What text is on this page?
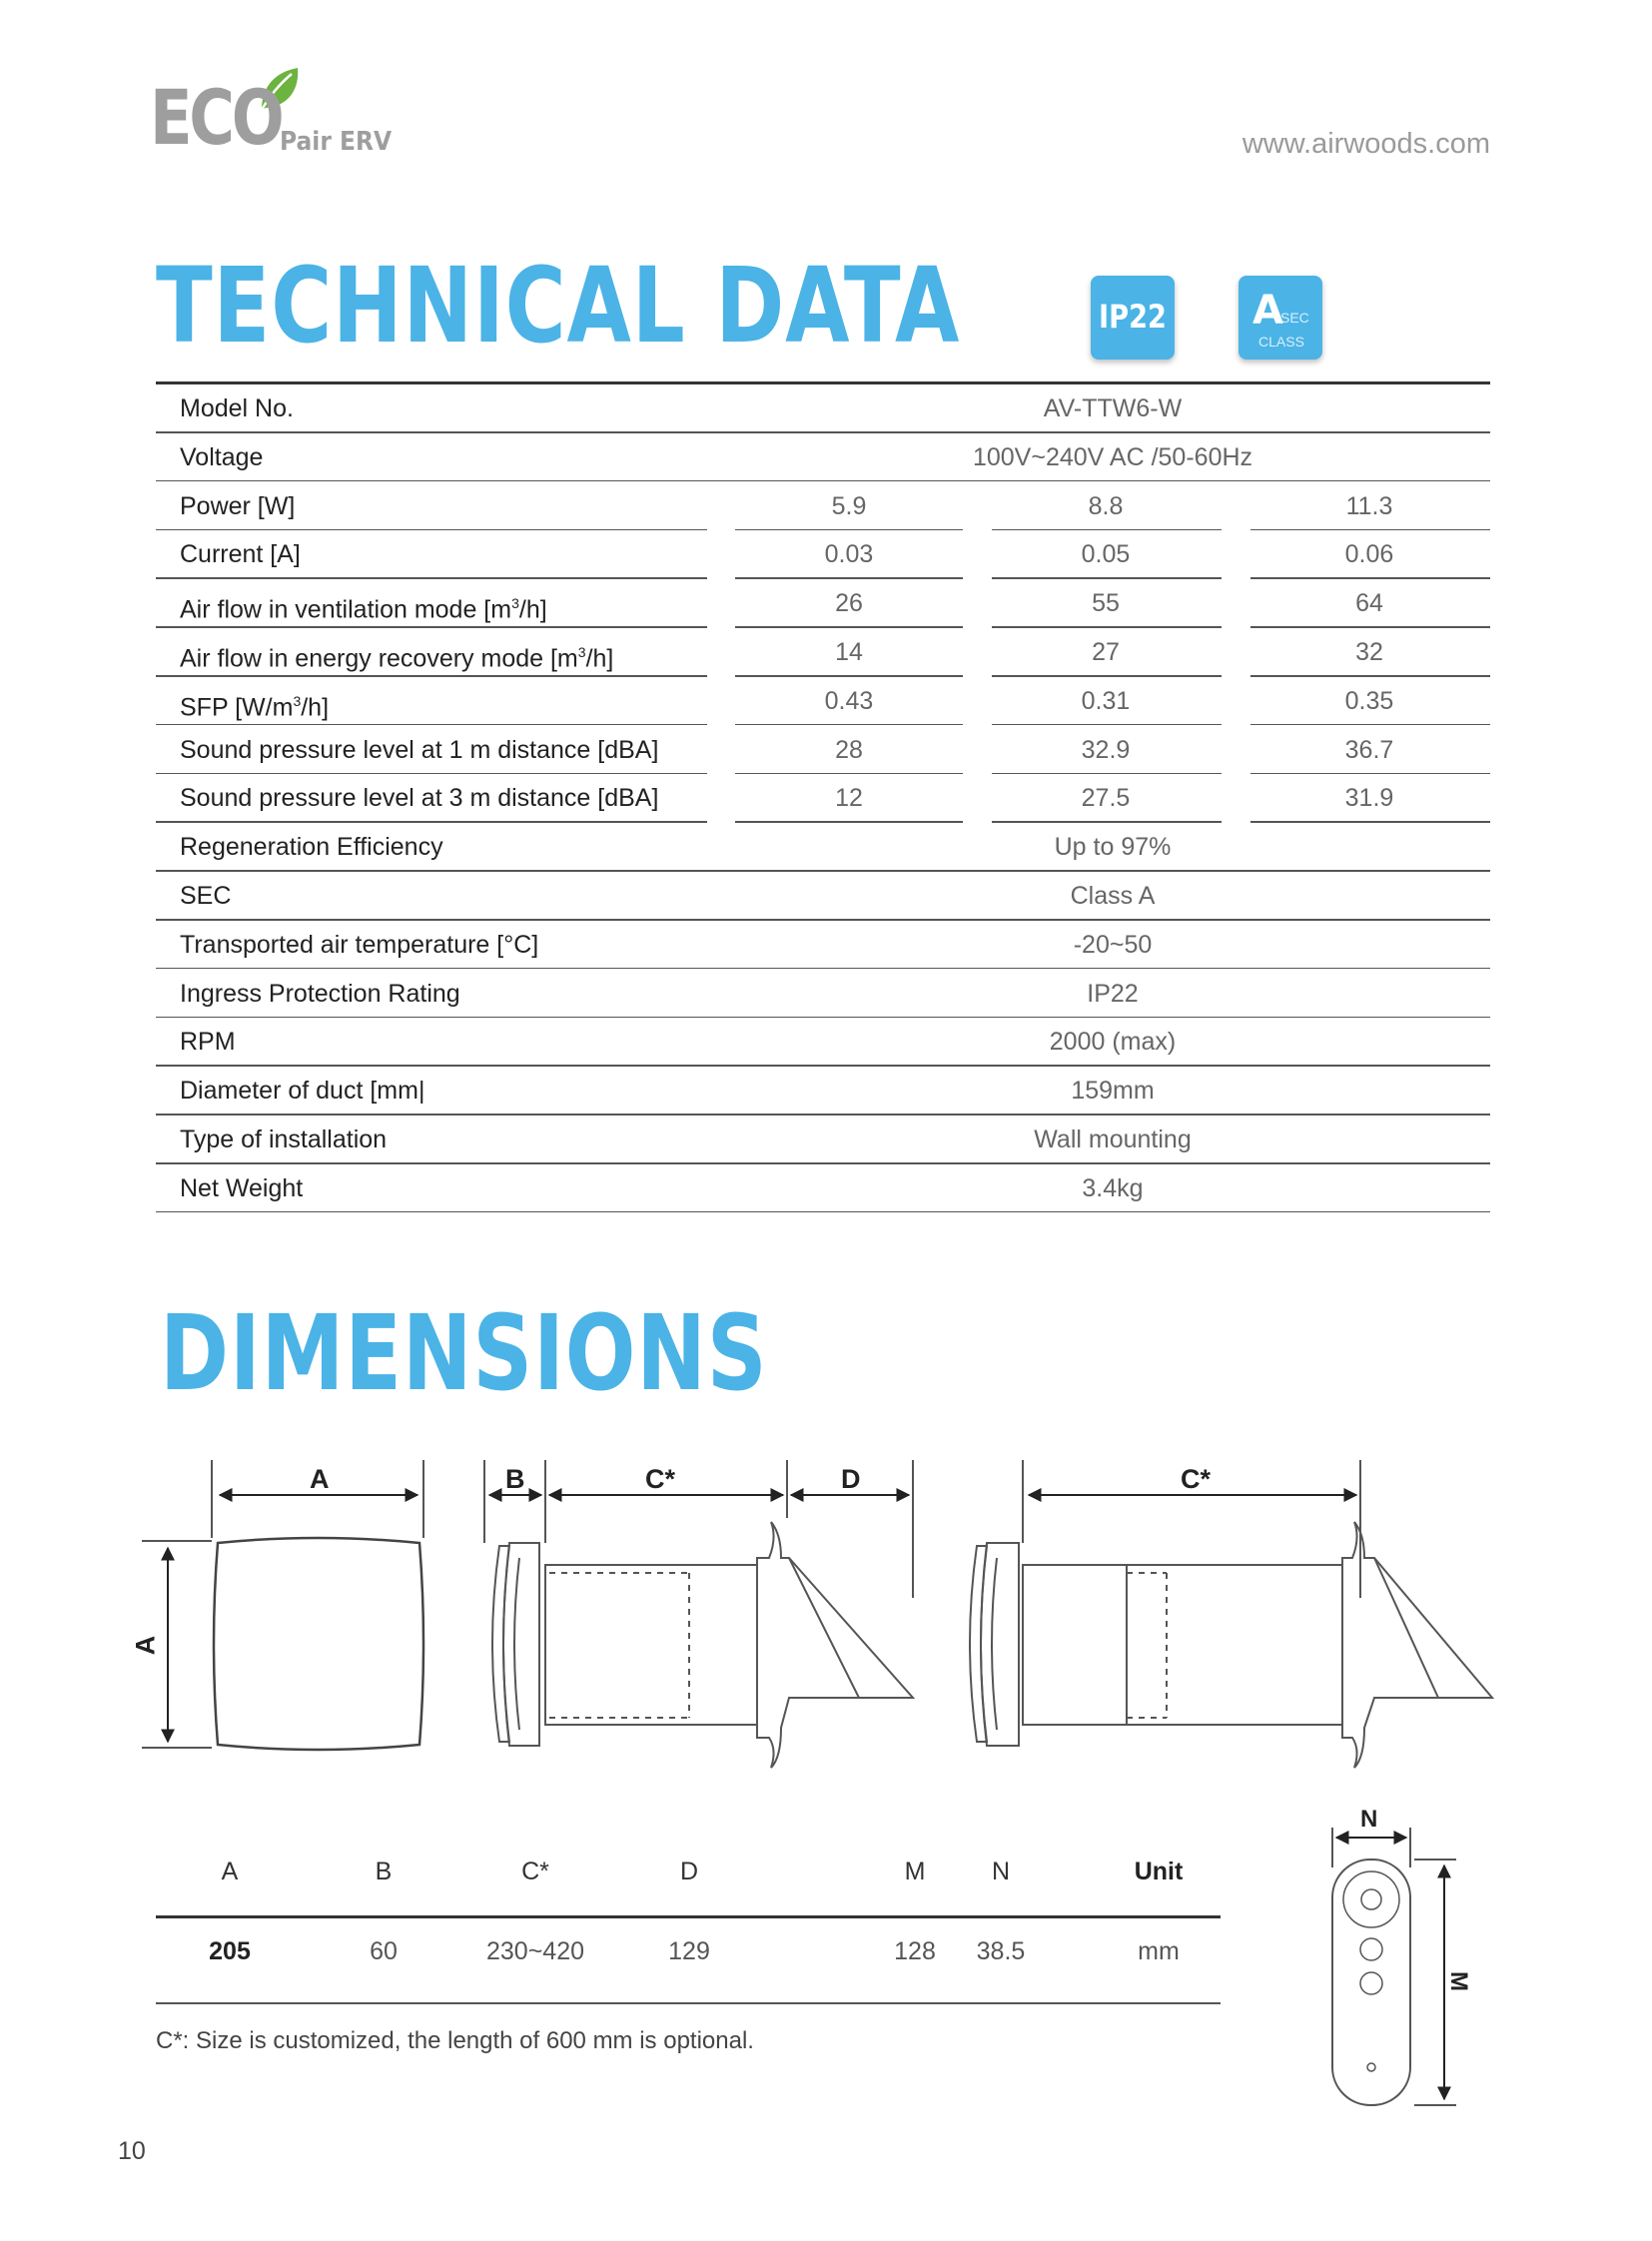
ECO
Pair ERV	www.airwoods.com
TECHNICAL DATA	IP22 A
SEC
CLASS
Model No.	AV-TTW6-W
Voltage	100V~240V AC /50-60Hz
Power [W]	5.9	8.8	11.3
Current [A]	0.03	0.05	0.06
Air flow in ventilation mode $[m^3/h]$	26	55	64
Air flow in energy recovery mode $[m^3/h]$	14	27	32
SFP $[W/m^3/h]$	0.43	0.31	0.35
Sound pressure level at 1 m distance [dBA]	28	32.9	36.7
Sound pressure level at 3 m distance [dBA]	12	27.5	31.9
Regeneration Efficiency	Up to 97%
SEC	Class A
Transported air temperature [°C]	-20~50
Ingress Protection Rating	IP22
RPM	2000 (max)
Diameter of duct [mm|	159mm
Type of installation	Wall mounting
Net Weight	3.4kg
A
A
B	C*	D	C*
N
M
DIMENSIONS
A	B	C*	D	M	N	Unit
205	60	230~420	129	128	38.5	mm
C*: Size is customized, the length of 600 mm is optional.
10
